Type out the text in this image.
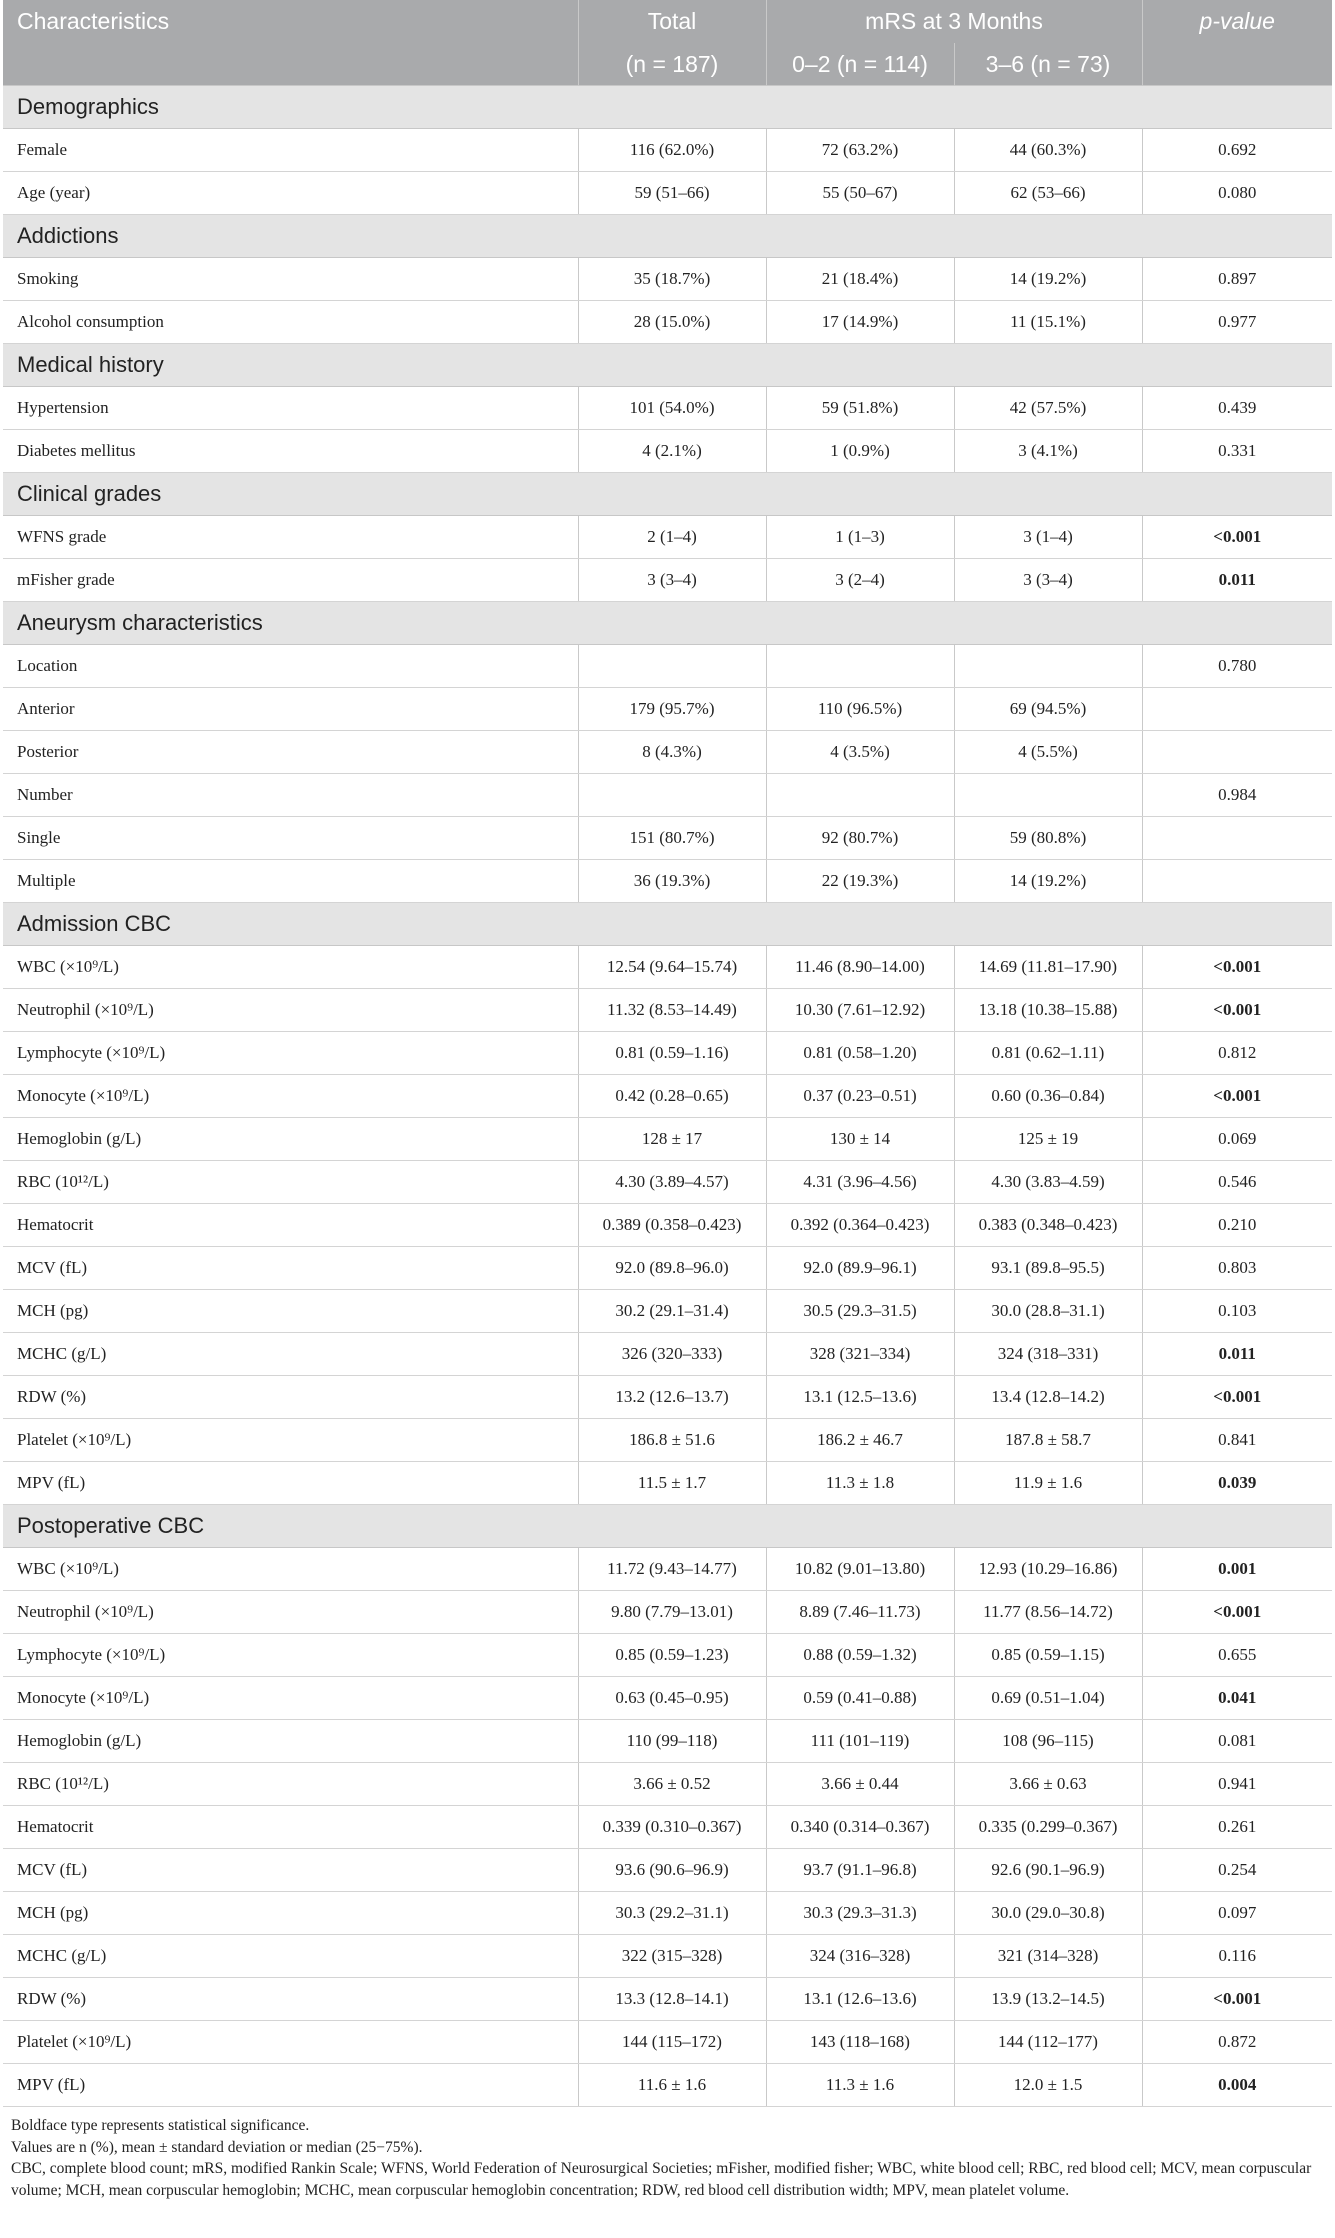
Characteristics	Total	mRS at 3 Months		p-value
	(n = 187)	0–2 (n = 114)	3–6 (n = 73)	
Demographics				
Female	116 (62.0%)	72 (63.2%)	44 (60.3%)	0.692
Age (year)	59 (51–66)	55 (50–67)	62 (53–66)	0.080
Addictions				
Smoking	35 (18.7%)	21 (18.4%)	14 (19.2%)	0.897
Alcohol consumption	28 (15.0%)	17 (14.9%)	11 (15.1%)	0.977
Medical history				
Hypertension	101 (54.0%)	59 (51.8%)	42 (57.5%)	0.439
Diabetes mellitus	4 (2.1%)	1 (0.9%)	3 (4.1%)	0.331
Clinical grades				
WFNS grade	2 (1–4)	1 (1–3)	3 (1–4)	<0.001
mFisher grade	3 (3–4)	3 (2–4)	3 (3–4)	0.011
Aneurysm characteristics				
Location				0.780
Anterior	179 (95.7%)	110 (96.5%)	69 (94.5%)	
Posterior	8 (4.3%)	4 (3.5%)	4 (5.5%)	
Number				0.984
Single	151 (80.7%)	92 (80.7%)	59 (80.8%)	
Multiple	36 (19.3%)	22 (19.3%)	14 (19.2%)	
Admission CBC				
WBC (×10⁹/L)	12.54 (9.64–15.74)	11.46 (8.90–14.00)	14.69 (11.81–17.90)	<0.001
Neutrophil (×10⁹/L)	11.32 (8.53–14.49)	10.30 (7.61–12.92)	13.18 (10.38–15.88)	<0.001
Lymphocyte (×10⁹/L)	0.81 (0.59–1.16)	0.81 (0.58–1.20)	0.81 (0.62–1.11)	0.812
Monocyte (×10⁹/L)	0.42 (0.28–0.65)	0.37 (0.23–0.51)	0.60 (0.36–0.84)	<0.001
Hemoglobin (g/L)	128 ± 17	130 ± 14	125 ± 19	0.069
RBC (10¹²/L)	4.30 (3.89–4.57)	4.31 (3.96–4.56)	4.30 (3.83–4.59)	0.546
Hematocrit	0.389 (0.358–0.423)	0.392 (0.364–0.423)	0.383 (0.348–0.423)	0.210
MCV (fL)	92.0 (89.8–96.0)	92.0 (89.9–96.1)	93.1 (89.8–95.5)	0.803
MCH (pg)	30.2 (29.1–31.4)	30.5 (29.3–31.5)	30.0 (28.8–31.1)	0.103
MCHC (g/L)	326 (320–333)	328 (321–334)	324 (318–331)	0.011
RDW (%)	13.2 (12.6–13.7)	13.1 (12.5–13.6)	13.4 (12.8–14.2)	<0.001
Platelet (×10⁹/L)	186.8 ± 51.6	186.2 ± 46.7	187.8 ± 58.7	0.841
MPV (fL)	11.5 ± 1.7	11.3 ± 1.8	11.9 ± 1.6	0.039
Postoperative CBC				
WBC (×10⁹/L)	11.72 (9.43–14.77)	10.82 (9.01–13.80)	12.93 (10.29–16.86)	0.001
Neutrophil (×10⁹/L)	9.80 (7.79–13.01)	8.89 (7.46–11.73)	11.77 (8.56–14.72)	<0.001
Lymphocyte (×10⁹/L)	0.85 (0.59–1.23)	0.88 (0.59–1.32)	0.85 (0.59–1.15)	0.655
Monocyte (×10⁹/L)	0.63 (0.45–0.95)	0.59 (0.41–0.88)	0.69 (0.51–1.04)	0.041
Hemoglobin (g/L)	110 (99–118)	111 (101–119)	108 (96–115)	0.081
RBC (10¹²/L)	3.66 ± 0.52	3.66 ± 0.44	3.66 ± 0.63	0.941
Hematocrit	0.339 (0.310–0.367)	0.340 (0.314–0.367)	0.335 (0.299–0.367)	0.261
MCV (fL)	93.6 (90.6–96.9)	93.7 (91.1–96.8)	92.6 (90.1–96.9)	0.254
MCH (pg)	30.3 (29.2–31.1)	30.3 (29.3–31.3)	30.0 (29.0–30.8)	0.097
MCHC (g/L)	322 (315–328)	324 (316–328)	321 (314–328)	0.116
RDW (%)	13.3 (12.8–14.1)	13.1 (12.6–13.6)	13.9 (13.2–14.5)	<0.001
Platelet (×10⁹/L)	144 (115–172)	143 (118–168)	144 (112–177)	0.872
MPV (fL)	11.6 ± 1.6	11.3 ± 1.6	12.0 ± 1.5	0.004

Boldface type represents statistical significance.

Values are n (%), mean ± standard deviation or median (25−75%).

CBC, complete blood count; mRS, modified Rankin Scale; WFNS, World Federation of Neurosurgical Societies; mFisher, modified fisher; WBC, white blood cell; RBC, red blood cell; MCV, mean corpuscular volume; MCH, mean corpuscular hemoglobin; MCHC, mean corpuscular hemoglobin concentration; RDW, red blood cell distribution width; MPV, mean platelet volume.
